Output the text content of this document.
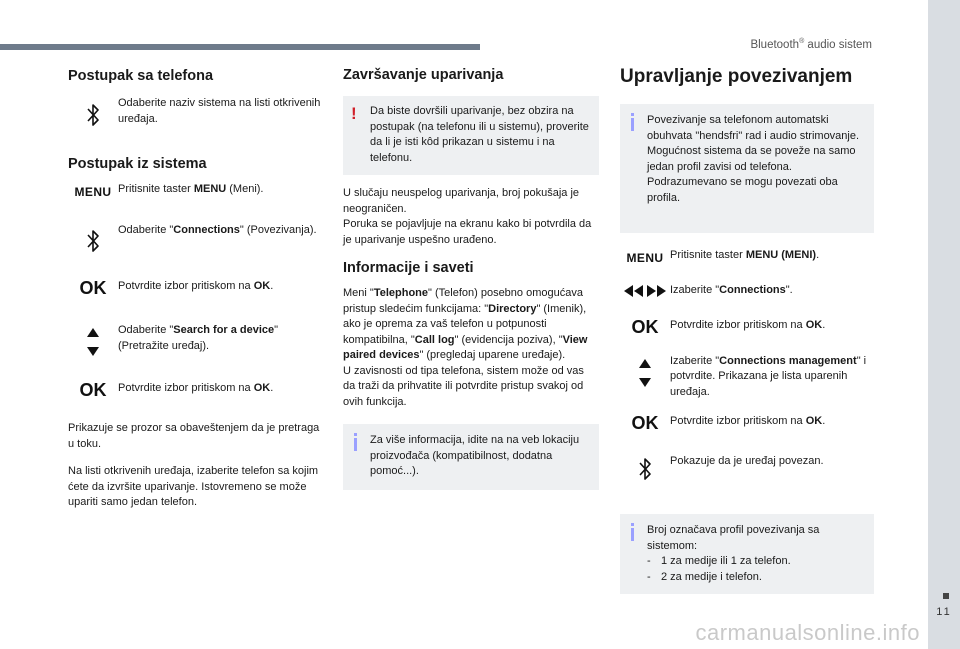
Bluetooth® audio sistem
11
carmanualsonline.info
Postupak sa telefona
Odaberite naziv sistema na listi otkrivenih uređaja.
Postupak iz sistema
MENU Pritisnite taster MENU (Meni).
Odaberite "Connections" (Povezivanja).
OK Potvrdite izbor pritiskom na OK.
Odaberite "Search for a device" (Pretražite uređaj).
OK Potvrdite izbor pritiskom na OK.

Prikazuje se prozor sa obaveštenjem da je pretraga u toku.

Na listi otkrivenih uređaja, izaberite telefon sa kojim ćete da izvršite uparivanje. Istovremeno se može upariti samo jedan telefon.

Završavanje uparivanja
! Da biste dovršili uparivanje, bez obzira na postupak (na telefonu ili u sistemu), proverite da li je isti kôd prikazan u sistemu i na telefonu.

U slučaju neuspelog uparivanja, broj pokušaja je neograničen.

Poruka se pojavljuje na ekranu kako bi potvrdila da je uparivanje uspešno urađeno.

Informacije i saveti

Meni "Telephone" (Telefon) posebno omogućava pristup sledećim funkcijama: "Directory" (Imenik), ako je oprema za vaš telefon u potpunosti kompatibilna, "Call log" (evidencija poziva), "View paired devices" (pregledaj uparene uređaje).

U zavisnosti od tipa telefona, sistem može od vas da traži da prihvatite ili potvrdite pristup svakoj od ovih funkcija.

Za više informacija, idite na na veb lokaciju proizvođača (kompatibilnost, dodatna pomoć...).
Upravljanje povezivanjem
Povezivanje sa telefonom automatski obuhvata "hendsfri" rad i audio strimovanje.
Mogućnost sistema da se poveže na samo jedan profil zavisi od telefona.
Podrazumevano se mogu povezati oba profila.
MENU Pritisnite taster MENU (MENI).
Izaberite "Connections".
OK Potvrdite izbor pritiskom na OK.
Izaberite "Connections management" i potvrdite. Prikazana je lista uparenih uređaja.
OK Potvrdite izbor pritiskom na OK.
Pokazuje da je uređaj povezan.
Broj označava profil povezivanja sa sistemom:
- 1 za medije ili 1 za telefon.
- 2 za medije i telefon.
